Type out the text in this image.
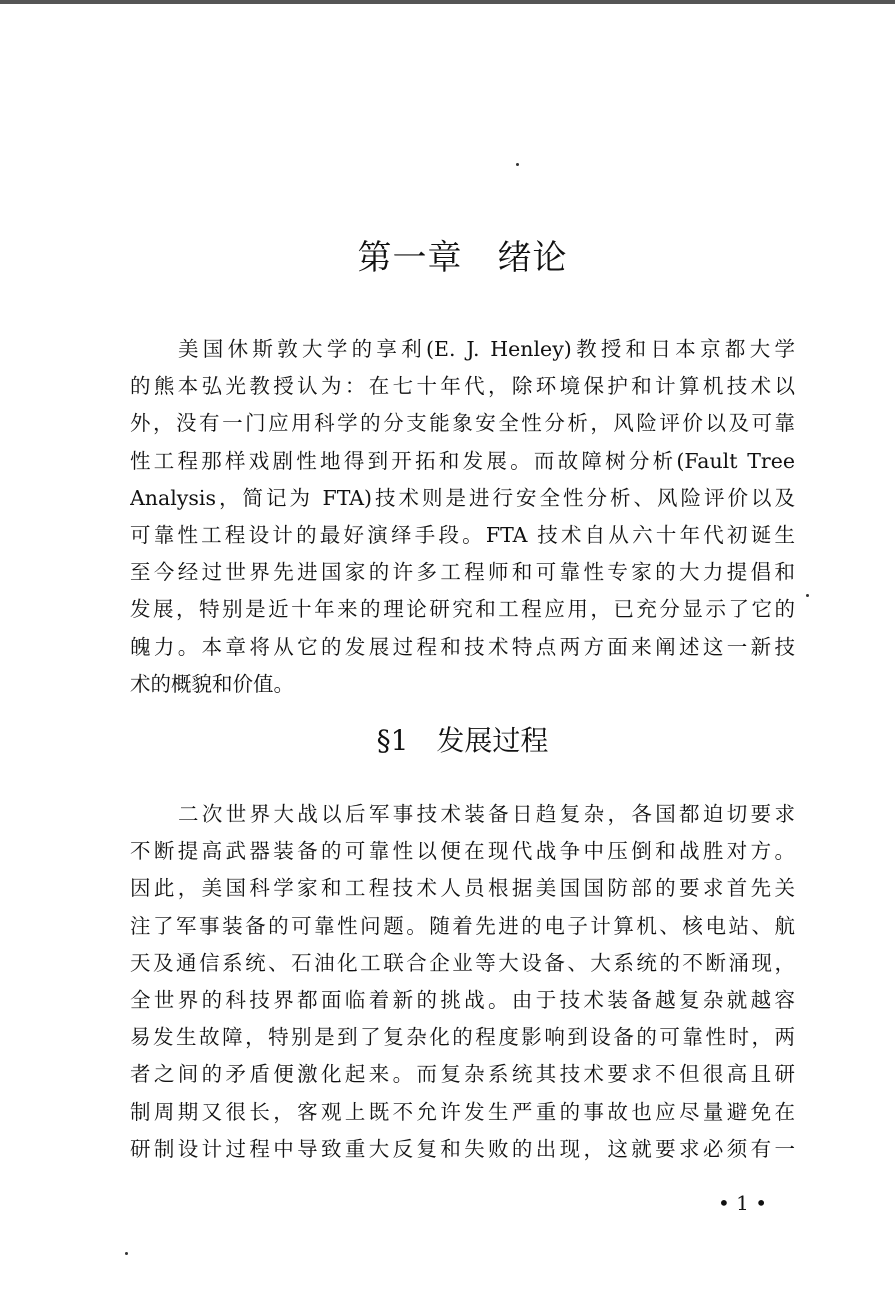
第一章　绪论
美国休斯敦大学的享利(E. J. Henley)教授和日本京都大学
的熊本弘光教授认为：在七十年代，除环境保护和计算机技术以
外，没有一门应用科学的分支能象安全性分析，风险评价以及可靠
性工程那样戏剧性地得到开拓和发展。而故障树分析(Fault Tree
Analysis，简记为 FTA)技术则是进行安全性分析、风险评价以及
可靠性工程设计的最好演绎手段。FTA 技术自从六十年代初诞生
至今经过世界先进国家的许多工程师和可靠性专家的大力提倡和
发展，特别是近十年来的理论研究和工程应用，已充分显示了它的
魄力。本章将从它的发展过程和技术特点两方面来阐述这一新技
术的概貌和价值。
§1　发展过程
二次世界大战以后军事技术装备日趋复杂，各国都迫切要求
不断提高武器装备的可靠性以便在现代战争中压倒和战胜对方。
因此，美国科学家和工程技术人员根据美国国防部的要求首先关
注了军事装备的可靠性问题。随着先进的电子计算机、核电站、航
天及通信系统、石油化工联合企业等大设备、大系统的不断涌现，
全世界的科技界都面临着新的挑战。由于技术装备越复杂就越容
易发生故障，特别是到了复杂化的程度影响到设备的可靠性时，两
者之间的矛盾便激化起来。而复杂系统其技术要求不但很高且研
制周期又很长，客观上既不允许发生严重的事故也应尽量避免在
研制设计过程中导致重大反复和失败的出现，这就要求必须有一
• 1 •
